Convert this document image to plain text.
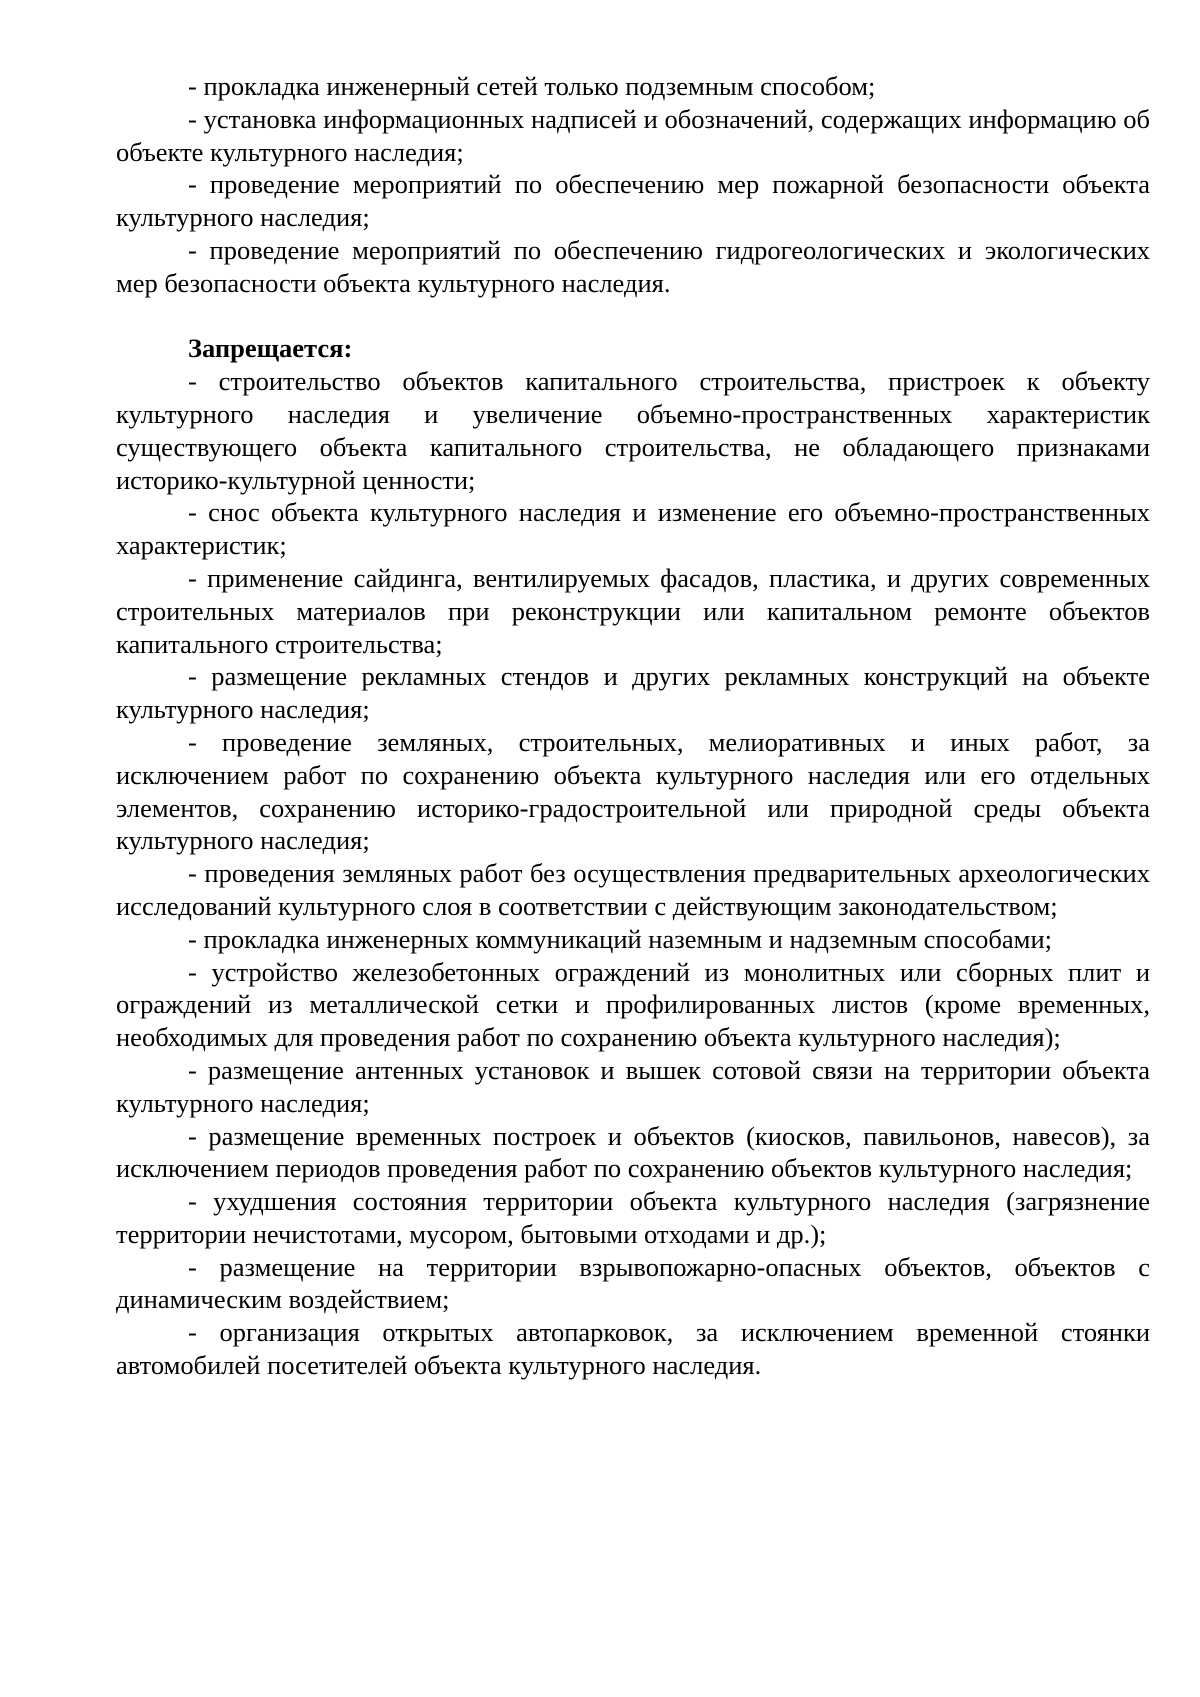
- прокладка инженерный сетей только подземным способом;

- установка информационных надписей и обозначений, содержащих информацию об объекте культурного наследия;

- проведение мероприятий по обеспечению мер пожарной безопасности объекта культурного наследия;

- проведение мероприятий по обеспечению гидрогеологических и экологических мер безопасности объекта культурного наследия.

Запрещается:

- строительство объектов капитального строительства, пристроек к объекту культурного наследия и увеличение объемно-пространственных характеристик существующего объекта капитального строительства, не обладающего признаками историко-культурной ценности;

- снос объекта культурного наследия и изменение его объемно-пространственных характеристик;

- применение сайдинга, вентилируемых фасадов, пластика, и других современных строительных материалов при реконструкции или капитальном ремонте объектов капитального строительства;

- размещение рекламных стендов и других рекламных конструкций на объекте культурного наследия;

- проведение земляных, строительных, мелиоративных и иных работ, за исключением работ по сохранению объекта культурного наследия или его отдельных элементов, сохранению историко-градостроительной или природной среды объекта культурного наследия;

- проведения земляных работ без осуществления предварительных археологических исследований культурного слоя в соответствии с действующим законодательством;

- прокладка инженерных коммуникаций наземным и надземным способами;

- устройство железобетонных ограждений из монолитных или сборных плит и ограждений из металлической сетки и профилированных листов (кроме временных, необходимых для проведения работ по сохранению объекта культурного наследия);

- размещение антенных установок и вышек сотовой связи на территории объекта культурного наследия;

- размещение временных построек и объектов (киосков, павильонов, навесов), за исключением периодов проведения работ по сохранению объектов культурного наследия;

- ухудшения состояния территории объекта культурного наследия (загрязнение территории нечистотами, мусором, бытовыми отходами и др.);

- размещение на территории взрывопожарно-опасных объектов, объектов с динамическим воздействием;

- организация открытых автопарковок, за исключением временной стоянки автомобилей посетителей объекта культурного наследия.
